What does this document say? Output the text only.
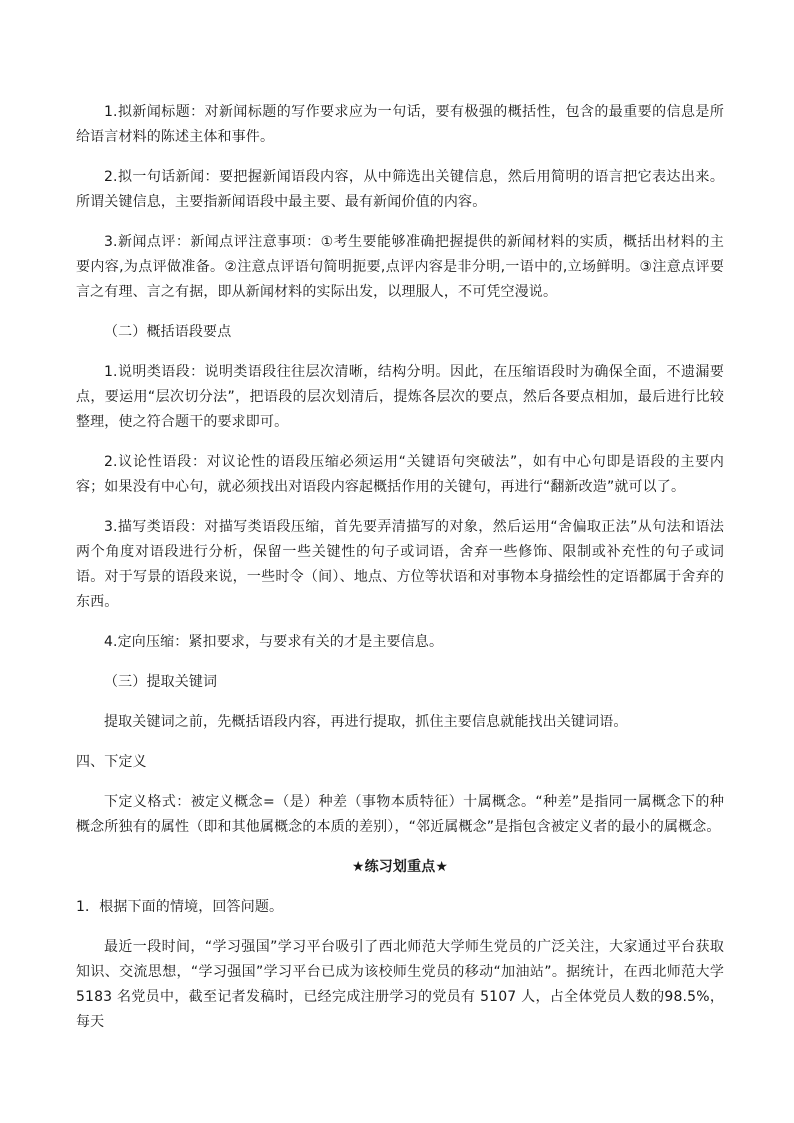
1.拟新闻标题：对新闻标题的写作要求应为一句话，要有极强的概括性，包含的最重要的信息是所给语言材料的陈述主体和事件。

2.拟一句话新闻：要把握新闻语段内容，从中筛选出关键信息，然后用简明的语言把它表达出来。所谓关键信息，主要指新闻语段中最主要、最有新闻价值的内容。

3.新闻点评：新闻点评注意事项：①考生要能够准确把握提供的新闻材料的实质，概括出材料的主要内容,为点评做准备。②注意点评语句简明扼要,点评内容是非分明,一语中的,立场鲜明。③注意点评要言之有理、言之有据，即从新闻材料的实际出发，以理服人，不可凭空漫说。

（二）概括语段要点

1.说明类语段：说明类语段往往层次清晰，结构分明。因此，在压缩语段时为确保全面，不遗漏要点，要运用“层次切分法”，把语段的层次划清后，提炼各层次的要点，然后各要点相加，最后进行比较整理，使之符合题干的要求即可。

2.议论性语段：对议论性的语段压缩必须运用“关键语句突破法”，如有中心句即是语段的主要内容；如果没有中心句，就必须找出对语段内容起概括作用的关键句，再进行“翻新改造”就可以了。

3.描写类语段：对描写类语段压缩，首先要弄清描写的对象，然后运用“舍偏取正法”从句法和语法两个角度对语段进行分析，保留一些关键性的句子或词语，舍弃一些修饰、限制或补充性的句子或词语。对于写景的语段来说，一些时令（间）、地点、方位等状语和对事物本身描绘性的定语都属于舍弃的东西。

4.定向压缩：紧扣要求，与要求有关的才是主要信息。

（三）提取关键词

提取关键词之前，先概括语段内容，再进行提取，抓住主要信息就能找出关键词语。

四、下定义

下定义格式：被定义概念=（是）种差（事物本质特征）十属概念。“种差”是指同一属概念下的种概念所独有的属性（即和其他属概念的本质的差别），“邻近属概念”是指包含被定义者的最小的属概念。

★练习划重点★

1．根据下面的情境，回答问题。

最近一段时间，“学习强国”学习平台吸引了西北师范大学师生党员的广泛关注，大家通过平台获取知识、交流思想，“学习强国”学习平台已成为该校师生党员的移动“加油站”。据统计，在西北师范大学 5183 名党员中，截至记者发稿时，已经完成注册学习的党员有 5107 人，占全体党员人数的98.5%，每天
